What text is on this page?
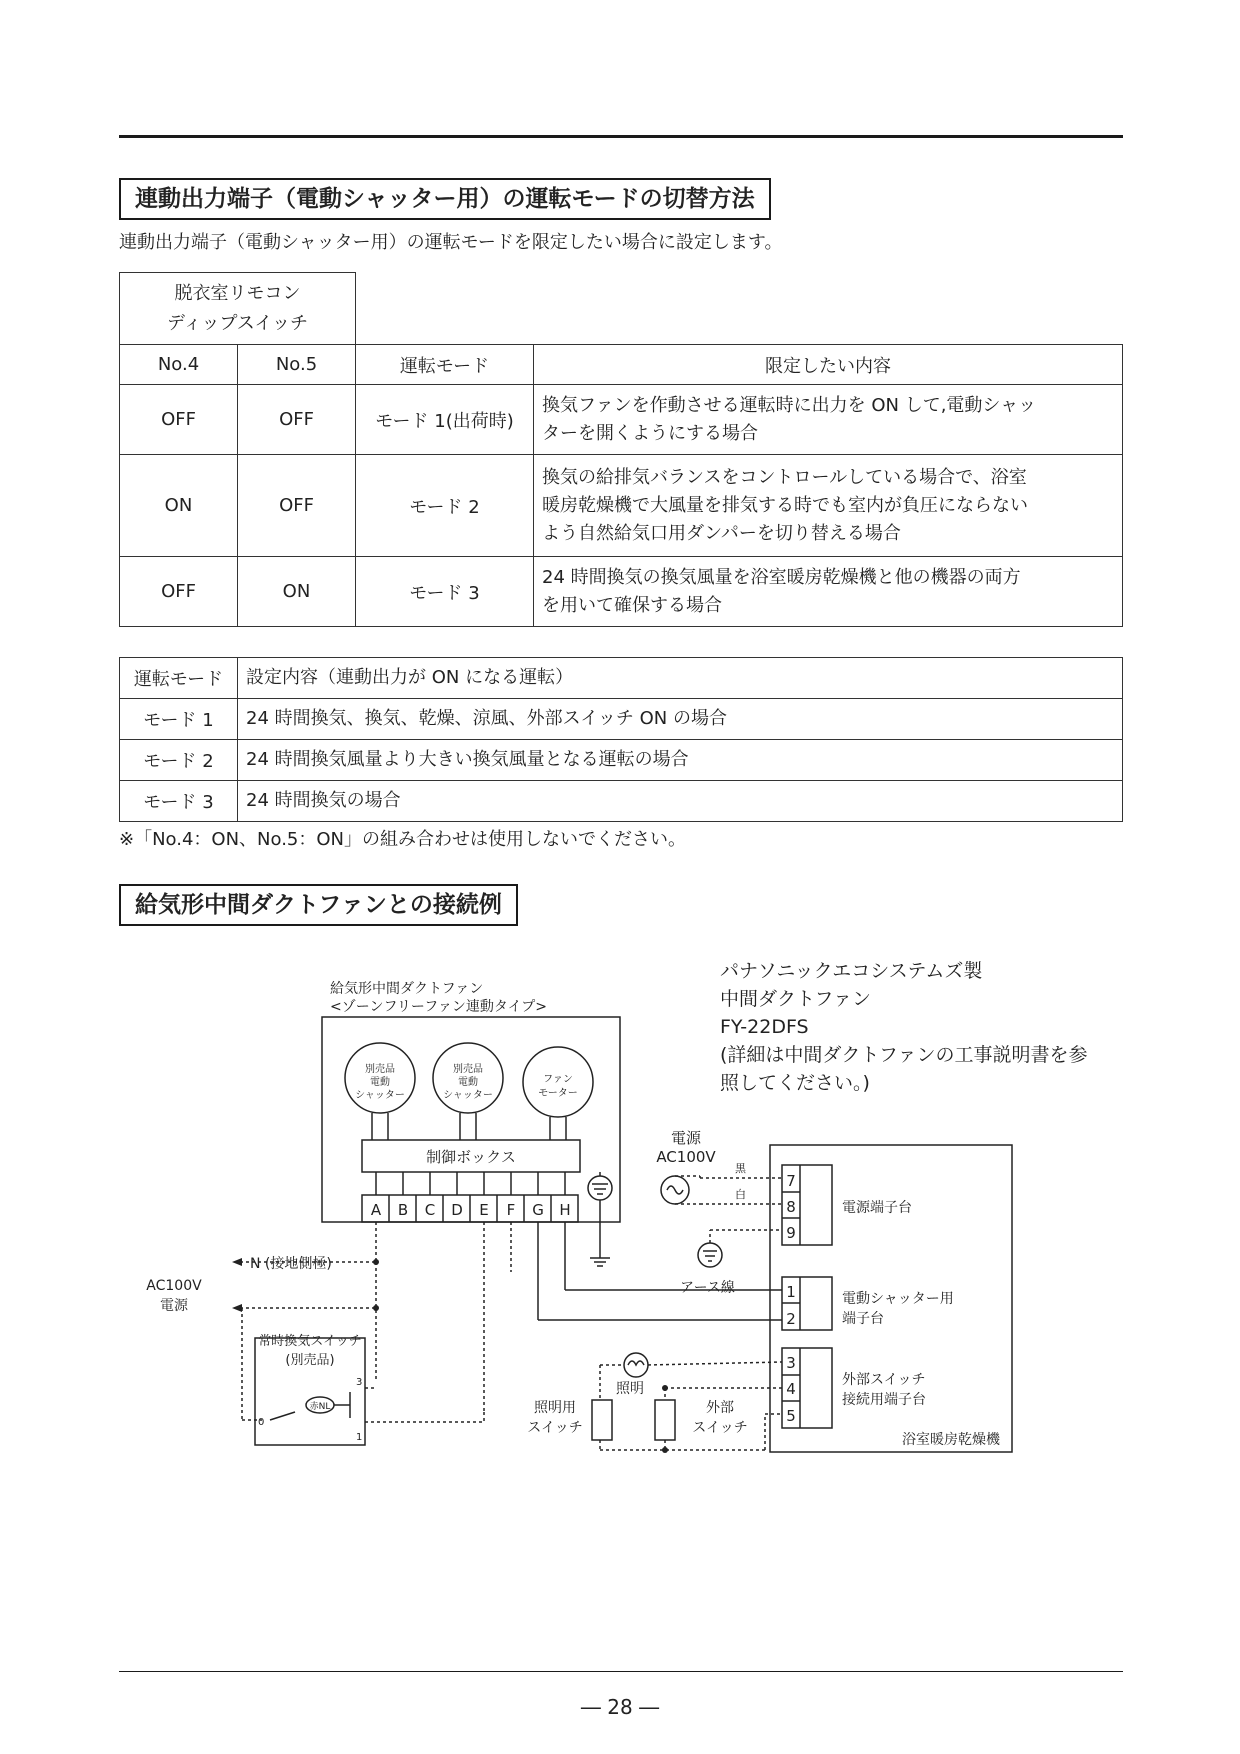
連動出力端子（電動シャッター用）の運転モードの切替方法
連動出力端子（電動シャッター用）の運転モードを限定したい場合に設定します。
脱衣室リモコン
ディップスイッチ			

No.4	No.5	運転モード	限定したい内容
OFF	OFF	モード 1(出荷時)	換気ファンを作動させる運転時に出力を ON して,電動シャッ
ターを開くようにする場合

ON	OFF	モード 2	換気の給排気バランスをコントロールしている場合で、浴室
暖房乾燥機で大風量を排気する時でも室内が負圧にならない
よう自然給気口用ダンパーを切り替える場合

OFF	ON	モード 3	24 時間換気の換気風量を浴室暖房乾燥機と他の機器の両方
を用いて確保する場合
運転モード	設定内容（連動出力が ON になる運転）
モード 1	24 時間換気、換気、乾燥、涼風、外部スイッチ ON の場合
モード 2	24 時間換気風量より大きい換気風量となる運転の場合
モード 3	24 時間換気の場合
※「No.4：ON、No.5：ON」の組み合わせは使用しないでください。
給気形中間ダクトファンとの接続例
給気形中間ダクトファン
<ゾーンフリーファン連動タイプ>
パナソニックエコシステムズ製
中間ダクトファン
FY-22DFS
(詳細は中間ダクトファンの工事説明書を参
照してください。)
別売品
電動
シャッター
別売品
電動
シャッター
ファン
モーター
制御ボックス
A B C D E F G H
電源
AC100V
黒
白
アース線
N (接地側極)
AC100V
電源
常時換気スイッチ
(別売品)
赤NL
3
1
0
照明
照明用
スイッチ
外部
スイッチ
7
8
9
1
2
3
4
5
電源端子台
電動シャッター用
端子台
外部スイッチ
接続用端子台
浴室暖房乾燥機
― 28 ―
